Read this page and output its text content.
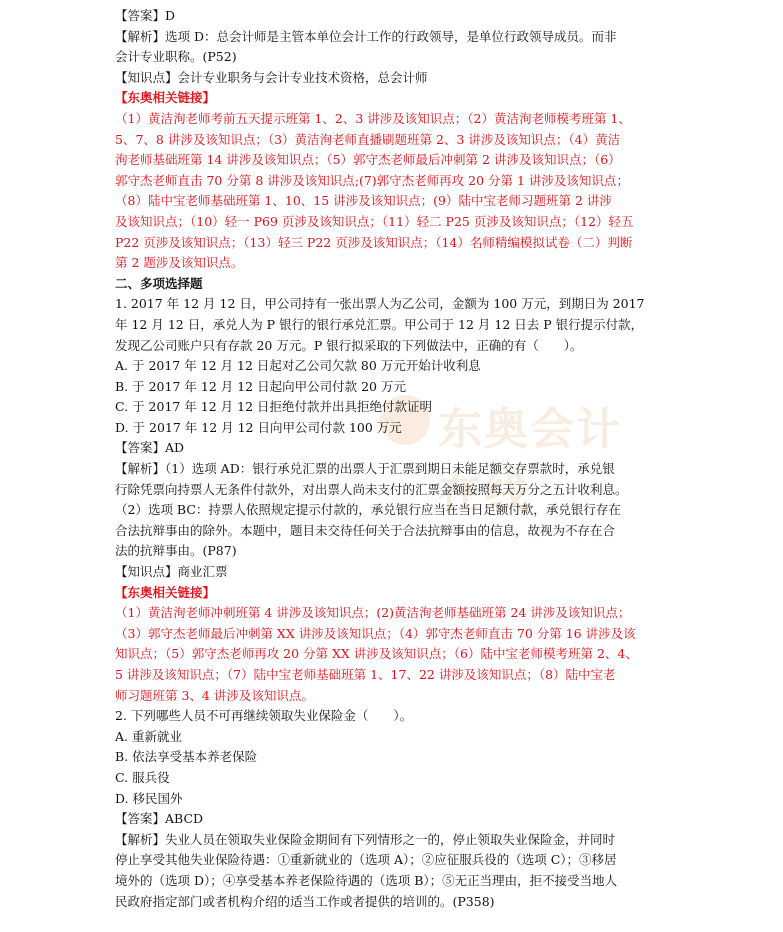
东奥会计在线

【答案】D

【解析】选项 D：总会计师是主管本单位会计工作的行政领导，是单位行政领导成员。而非

会计专业职称。(P52)

【知识点】会计专业职务与会计专业技术资格，总会计师

【东奥相关链接】

（1）黄洁洵老师考前五天提示班第 1、2、3 讲涉及该知识点；（2）黄洁洵老师模考班第 1、

5、7、8 讲涉及该知识点；（3）黄洁洵老师直播刷题班第 2、3 讲涉及该知识点；（4）黄洁

洵老师基础班第 14 讲涉及该知识点；（5）郭守杰老师最后冲刺第 2 讲涉及该知识点；（6）

郭守杰老师直击 70 分第 8 讲涉及该知识点;(7)郭守杰老师再攻 20 分第 1 讲涉及该知识点；

（8）陆中宝老师基础班第 1、10、15 讲涉及该知识点；(9）陆中宝老师习题班第 2 讲涉

及该知识点；（10）轻一 P69 页涉及该知识点；（11）轻二 P25 页涉及该知识点；（12）轻五

P22 页涉及该知识点；（13）轻三 P22 页涉及该知识点；（14）名师精编模拟试卷（二）判断

第 2 题涉及该知识点。

二、多项选择题

1. 2017 年 12 月 12 日，甲公司持有一张出票人为乙公司，金额为 100 万元，到期日为 2017

年 12 月 12 日，承兑人为 P 银行的银行承兑汇票。甲公司于 12 月 12 日去 P 银行提示付款，

发现乙公司账户只有存款 20 万元。P 银行拟采取的下列做法中，正确的有（　　）。

A. 于 2017 年 12 月 12 日起对乙公司欠款 80 万元开始计收利息

B. 于 2017 年 12 月 12 日起向甲公司付款 20 万元

C. 于 2017 年 12 月 12 日拒绝付款并出具拒绝付款证明

D. 于 2017 年 12 月 12 日向甲公司付款 100 万元

【答案】AD

【解析】（1）选项 AD：银行承兑汇票的出票人于汇票到期日未能足额交存票款时，承兑银

行除凭票向持票人无条件付款外，对出票人尚未支付的汇票金额按照每天万分之五计收利息。

（2）选项 BC：持票人依照规定提示付款的，承兑银行应当在当日足额付款，承兑银行存在

合法抗辩事由的除外。本题中，题目未交待任何关于合法抗辩事由的信息，故视为不存在合

法的抗辩事由。(P87)

【知识点】商业汇票

【东奥相关链接】

（1）黄洁洵老师冲刺班第 4 讲涉及该知识点；(2)黄洁洵老师基础班第 24 讲涉及该知识点；

（3）郭守杰老师最后冲刺第 XX 讲涉及该知识点；（4）郭守杰老师直击 70 分第 16 讲涉及该

知识点；（5）郭守杰老师再攻 20 分第 XX 讲涉及该知识点；（6）陆中宝老师模考班第 2、4、

5 讲涉及该知识点；（7）陆中宝老师基础班第 1、17、22 讲涉及该知识点；（8）陆中宝老

师习题班第 3、4 讲涉及该知识点。

2. 下列哪些人员不可再继续领取失业保险金（　　）。

A. 重新就业

B. 依法享受基本养老保险

C. 服兵役

D. 移民国外

【答案】ABCD

【解析】失业人员在领取失业保险金期间有下列情形之一的，停止领取失业保险金，并同时

停止享受其他失业保险待遇：①重新就业的（选项 A）；②应征服兵役的（选项 C）；③移居

境外的（选项 D）；④享受基本养老保险待遇的（选项 B）；⑤无正当理由，拒不接受当地人

民政府指定部门或者机构介绍的适当工作或者提供的培训的。(P358)
